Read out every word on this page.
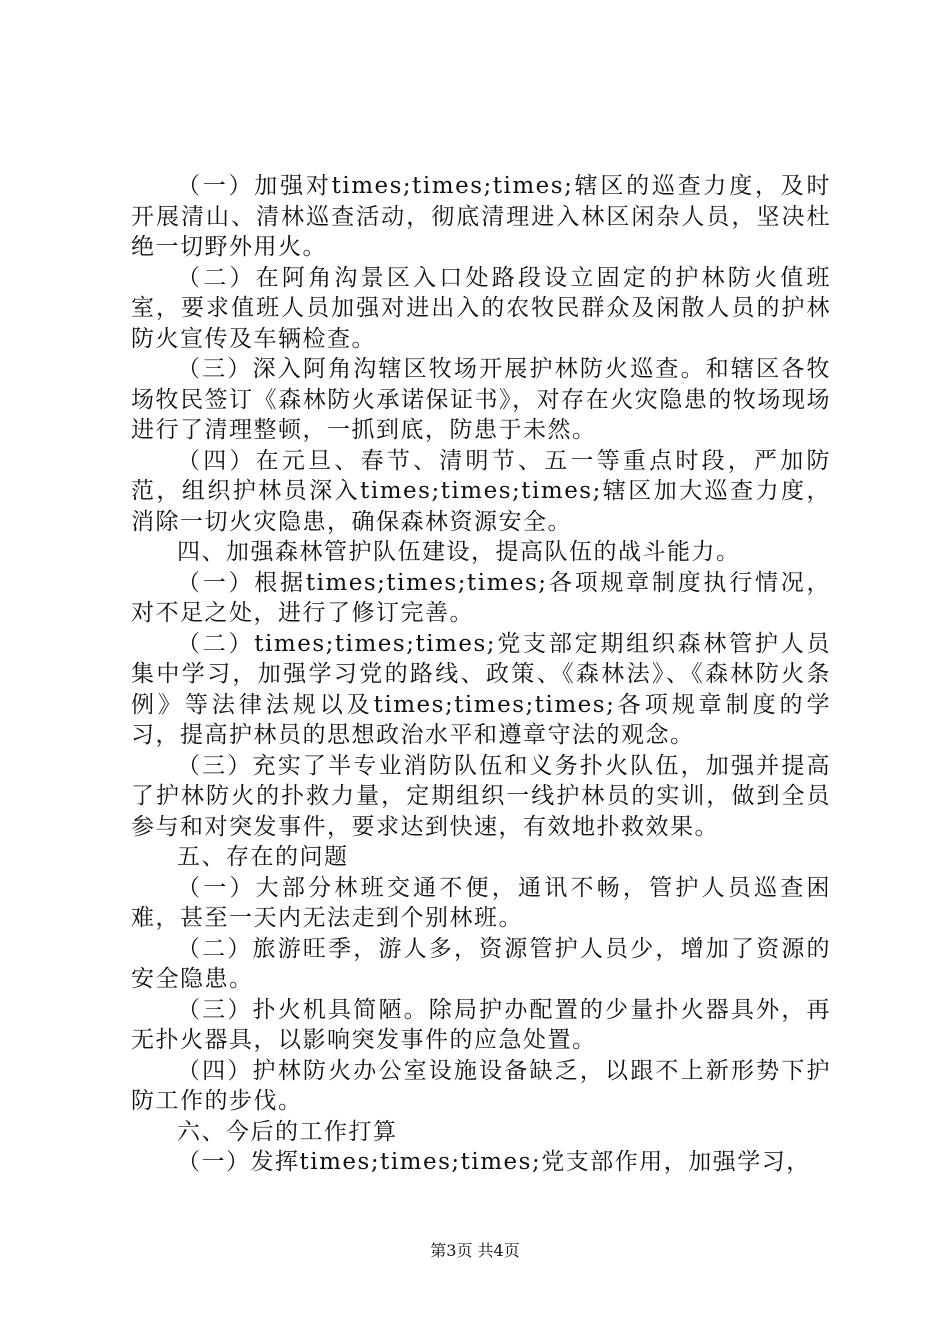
（一）加强对times;times;times;辖区的巡查力度，及时开展清山、清林巡查活动，彻底清理进入林区闲杂人员，坚决杜绝一切野外用火。

（二）在阿角沟景区入口处路段设立固定的护林防火值班室，要求值班人员加强对进出入的农牧民群众及闲散人员的护林防火宣传及车辆检查。

（三）深入阿角沟辖区牧场开展护林防火巡查。和辖区各牧场牧民签订《森林防火承诺保证书》，对存在火灾隐患的牧场现场进行了清理整顿，一抓到底，防患于未然。

（四）在元旦、春节、清明节、五一等重点时段，严加防范，组织护林员深入times;times;times;辖区加大巡查力度，消除一切火灾隐患，确保森林资源安全。

四、加强森林管护队伍建设，提高队伍的战斗能力。

（一）根据times;times;times;各项规章制度执行情况，对不足之处，进行了修订完善。

（二）times;times;times;党支部定期组织森林管护人员集中学习，加强学习党的路线、政策、《森林法》、《森林防火条例》等法律法规以及times;times;times;各项规章制度的学习，提高护林员的思想政治水平和遵章守法的观念。

（三）充实了半专业消防队伍和义务扑火队伍，加强并提高了护林防火的扑救力量，定期组织一线护林员的实训，做到全员参与和对突发事件，要求达到快速，有效地扑救效果。

五、存在的问题

（一）大部分林班交通不便，通讯不畅，管护人员巡查困难，甚至一天内无法走到个别林班。

（二）旅游旺季，游人多，资源管护人员少，增加了资源的安全隐患。

（三）扑火机具简陋。除局护办配置的少量扑火器具外，再无扑火器具，以影响突发事件的应急处置。

（四）护林防火办公室设施设备缺乏，以跟不上新形势下护防工作的步伐。

六、今后的工作打算

（一）发挥times;times;times;党支部作用，加强学习，

第3页 共4页
